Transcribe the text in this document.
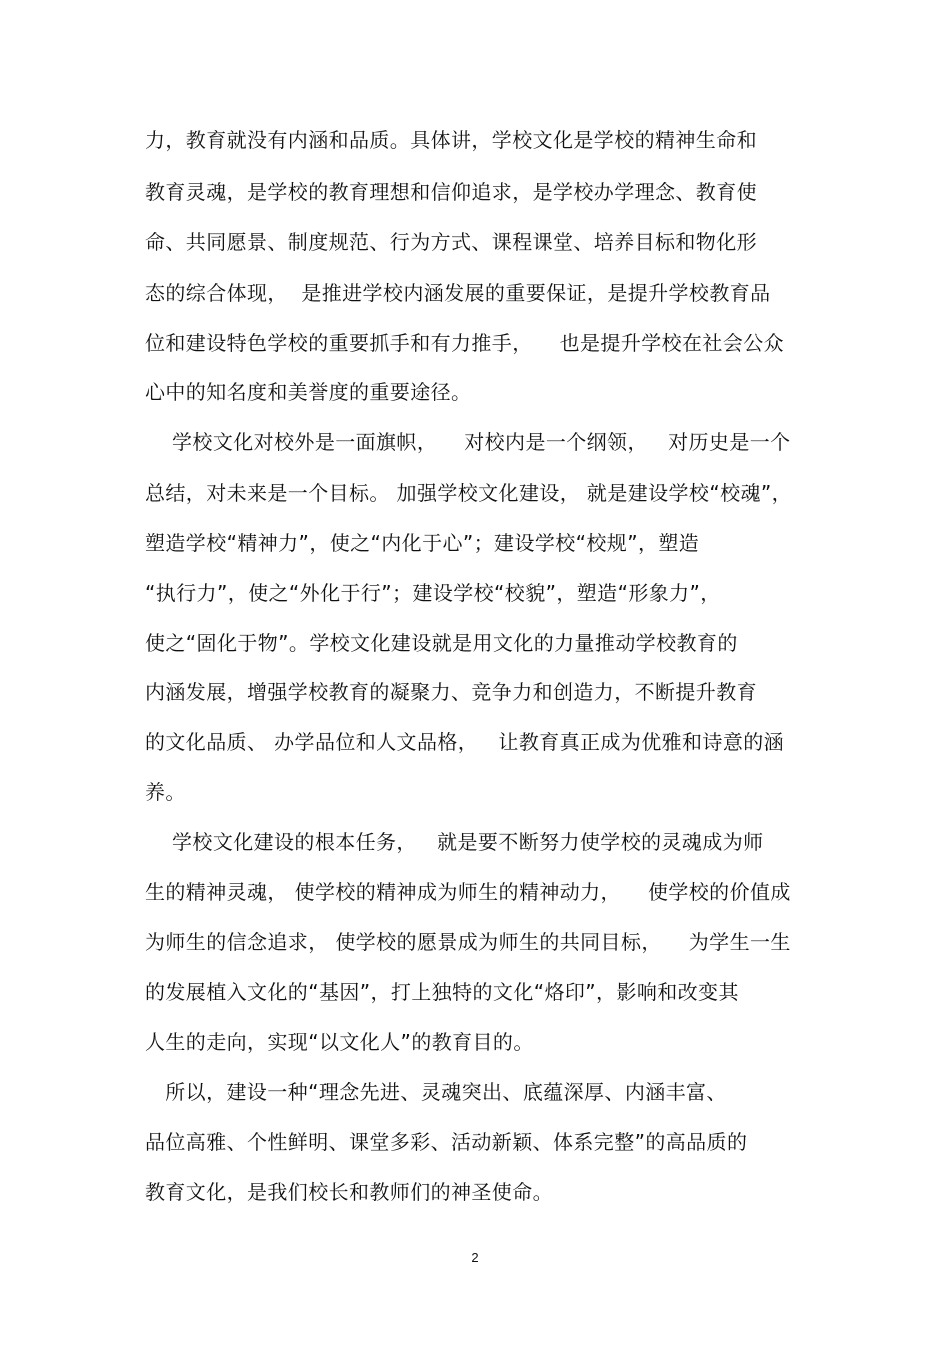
力，教育就没有内涵和品质。具体讲，学校文化是学校的精神生命和
教育灵魂，是学校的教育理想和信仰追求，是学校办学理念、教育使
命、共同愿景、制度规范、行为方式、课程课堂、培养目标和物化形
态的综合体现，  是推进学校内涵发展的重要保证，是提升学校教育品
位和建设特色学校的重要抓手和有力推手，    也是提升学校在社会公众
心中的知名度和美誉度的重要途径。
学校文化对校外是一面旗帜，    对校内是一个纲领，   对历史是一个
总结，对未来是一个目标。 加强学校文化建设， 就是建设学校“校魂”，
塑造学校“精神力”，使之“内化于心”；建设学校“校规”，塑造
“执行力”，使之“外化于行”；建设学校“校貌”，塑造“形象力”，
使之“固化于物”。学校文化建设就是用文化的力量推动学校教育的
内涵发展，增强学校教育的凝聚力、竞争力和创造力，不断提升教育
的文化品质、 办学品位和人文品格，   让教育真正成为优雅和诗意的涵
养。
学校文化建设的根本任务，   就是要不断努力使学校的灵魂成为师
生的精神灵魂， 使学校的精神成为师生的精神动力，    使学校的价值成
为师生的信念追求， 使学校的愿景成为师生的共同目标，    为学生一生
的发展植入文化的“基因”，打上独特的文化“烙印”，影响和改变其
人生的走向，实现“以文化人”的教育目的。
所以，建设一种“理念先进、灵魂突出、底蕴深厚、内涵丰富、
品位高雅、个性鲜明、课堂多彩、活动新颖、体系完整”的高品质的
教育文化，是我们校长和教师们的神圣使命。
2
